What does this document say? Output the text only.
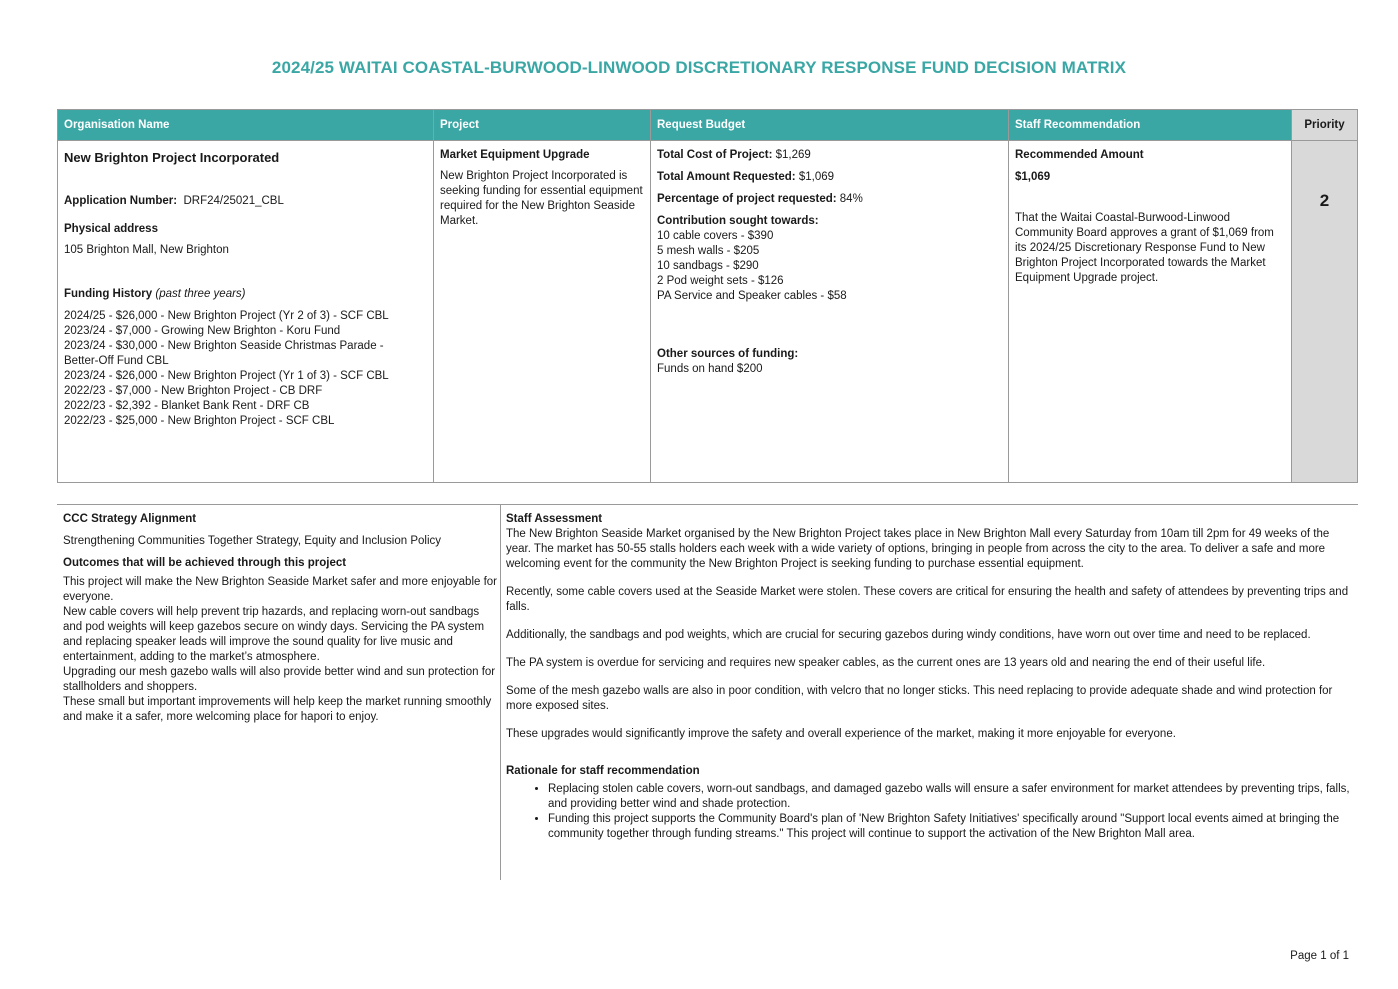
2024/25 WAITAI COASTAL-BURWOOD-LINWOOD DISCRETIONARY RESPONSE FUND DECISION MATRIX
Organisation Name
New Brighton Project Incorporated
Application Number: DRF24/25021_CBL
Physical address
105 Brighton Mall, New Brighton
Funding History (past three years)
2024/25 - $26,000 - New Brighton Project (Yr 2 of 3) - SCF CBL
2023/24 - $7,000 - Growing New Brighton - Koru Fund
2023/24 - $30,000 - New Brighton Seaside Christmas Parade -
Better-Off Fund CBL
2023/24 - $26,000 - New Brighton Project (Yr 1 of 3) - SCF CBL
2022/23 - $7,000 - New Brighton Project - CB DRF
2022/23 - $2,392 - Blanket Bank Rent - DRF CB
2022/23 - $25,000 - New Brighton Project - SCF CBL
Project
Market Equipment Upgrade
New Brighton Project Incorporated is seeking funding for essential equipment required for the New Brighton Seaside Market.
Request Budget
Total Cost of Project: $1,269
Total Amount Requested: $1,069
Percentage of project requested: 84%
Contribution sought towards:
10 cable covers - $390
5 mesh walls - $205
10 sandbags - $290
2 Pod weight sets - $126
PA Service and Speaker cables - $58
Other sources of funding:
Funds on hand $200
Staff Recommendation
Recommended Amount
$1,069
That the Waitai Coastal-Burwood-Linwood Community Board approves a grant of $1,069 from its 2024/25 Discretionary Response Fund to New Brighton Project Incorporated towards the Market Equipment Upgrade project.
Priority
2
CCC Strategy Alignment
Strengthening Communities Together Strategy, Equity and Inclusion Policy
Outcomes that will be achieved through this project
This project will make the New Brighton Seaside Market safer and more enjoyable for everyone.
New cable covers will help prevent trip hazards, and replacing worn-out sandbags and pod weights will keep gazebos secure on windy days. Servicing the PA system and replacing speaker leads will improve the sound quality for live music and entertainment, adding to the market’s atmosphere.
Upgrading our mesh gazebo walls will also provide better wind and sun protection for stallholders and shoppers.
These small but important improvements will help keep the market running smoothly and make it a safer, more welcoming place for hapori to enjoy.
Staff Assessment
The New Brighton Seaside Market organised by the New Brighton Project takes place in New Brighton Mall every Saturday from 10am till 2pm for 49 weeks of the year. The market has 50-55 stalls holders each week with a wide variety of options, bringing in people from across the city to the area. To deliver a safe and more welcoming event for the community the New Brighton Project is seeking funding to purchase essential equipment.
Recently, some cable covers used at the Seaside Market were stolen. These covers are critical for ensuring the health and safety of attendees by preventing trips and falls.
Additionally, the sandbags and pod weights, which are crucial for securing gazebos during windy conditions, have worn out over time and need to be replaced.
The PA system is overdue for servicing and requires new speaker cables, as the current ones are 13 years old and nearing the end of their useful life.
Some of the mesh gazebo walls are also in poor condition, with velcro that no longer sticks. This need replacing to provide adequate shade and wind protection for more exposed sites.
These upgrades would significantly improve the safety and overall experience of the market, making it more enjoyable for everyone.
Rationale for staff recommendation
• Replacing stolen cable covers, worn-out sandbags, and damaged gazebo walls will ensure a safer environment for market attendees by preventing trips, falls, and providing better wind and shade protection.
• Funding this project supports the Community Board's plan of 'New Brighton Safety Initiatives' specifically around "Support local events aimed at bringing the community together through funding streams." This project will continue to support the activation of the New Brighton Mall area.
Page 1 of 1
